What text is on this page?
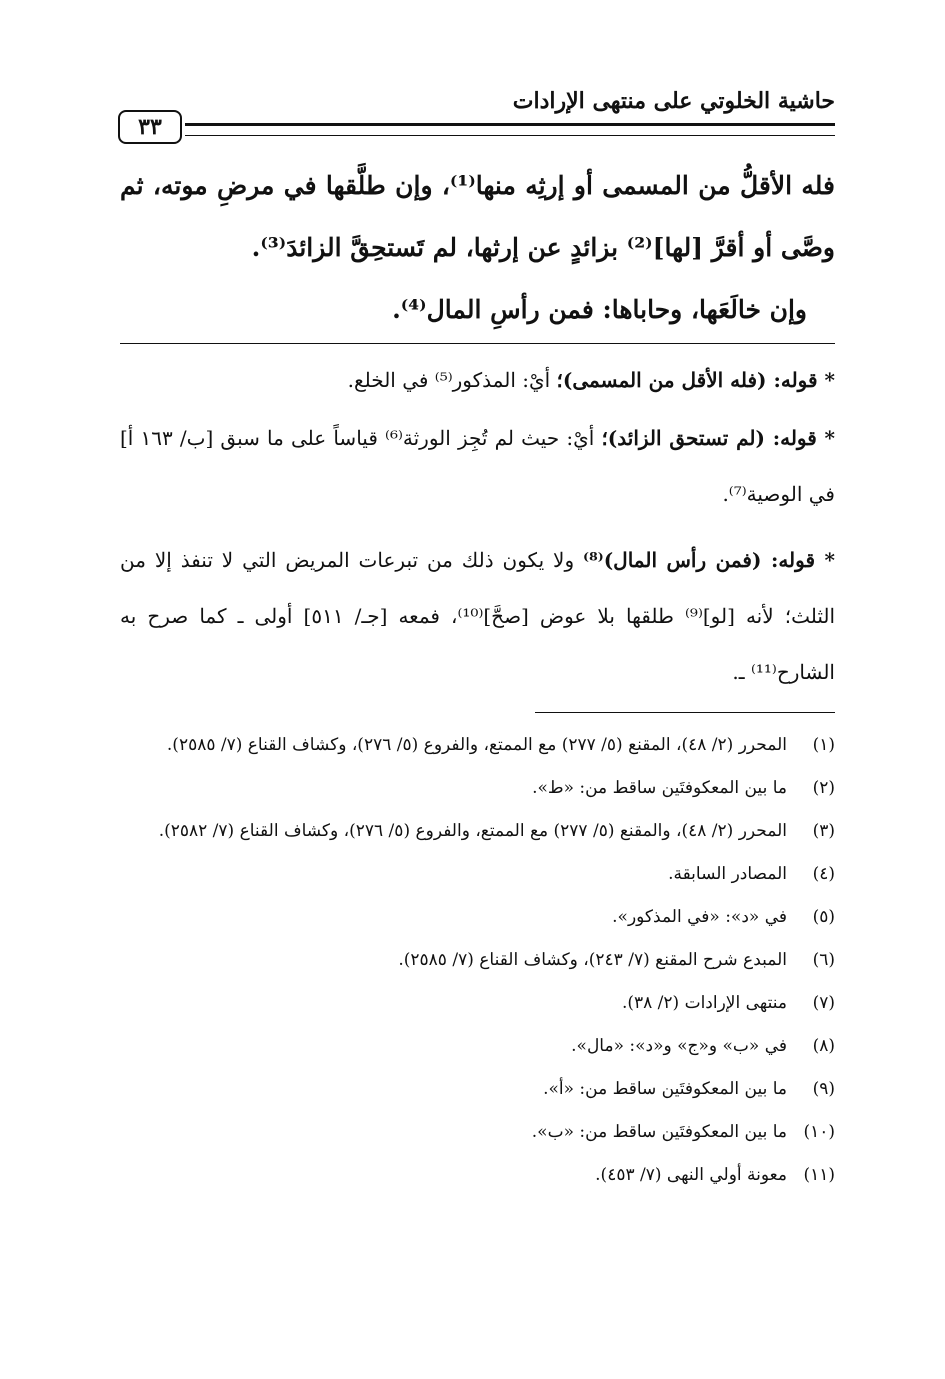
حاشية الخلوتي على منتهى الإرادات
٣٣

فله الأقلُّ من المسمى أو إرثِه منها⁽¹⁾، وإن طلَّقها في مرضِ موته، ثم وصَّى أو أقرَّ [لها]⁽²⁾ بزائدٍ عن إرثها، لم تَستحِقَّ الزائدَ⁽³⁾.

وإن خالَعَها، وحاباها: فمن رأسِ المال⁽⁴⁾.

* قوله: (فله الأقل من المسمى)؛ أيْ: المذكور⁽⁵⁾ في الخلع.

* قوله: (لم تستحق الزائد)؛ أيْ: حيث لم تُجِز الورثة⁽⁶⁾ قياساً على ما سبق [ب/ ١٦٣ أ] في الوصية⁽⁷⁾.

* قوله: (فمن رأس المال)⁽⁸⁾ ولا يكون ذلك من تبرعات المريض التي لا تنفذ إلا من الثلث؛ لأنه [لو]⁽⁹⁾ طلقها بلا عوض [صحَّ]⁽¹⁰⁾، فمعه [جـ/ ٥١١] أولى ـ كما صرح به الشارح⁽¹¹⁾ ـ.

(١)
المحرر (٢/ ٤٨)، المقنع (٥/ ٢٧٧) مع الممتع، والفروع (٥/ ٢٧٦)، وكشاف القناع (٧/ ٢٥٨٥).
(٢)
ما بين المعكوفتَين ساقط من: «ط».
(٣)
المحرر (٢/ ٤٨)، والمقنع (٥/ ٢٧٧) مع الممتع، والفروع (٥/ ٢٧٦)، وكشاف القناع (٧/ ٢٥٨٢).
(٤)
المصادر السابقة.
(٥)
في «د»: «في المذكور».
(٦)
المبدع شرح المقنع (٧/ ٢٤٣)، وكشاف القناع (٧/ ٢٥٨٥).
(٧)
منتهى الإرادات (٢/ ٣٨).
(٨)
في «ب» و«ج» و«د»: «مال».
(٩)
ما بين المعكوفتَين ساقط من: «أ».
(١٠)
ما بين المعكوفتَين ساقط من: «ب».
(١١)
معونة أولي النهى (٧/ ٤٥٣).
